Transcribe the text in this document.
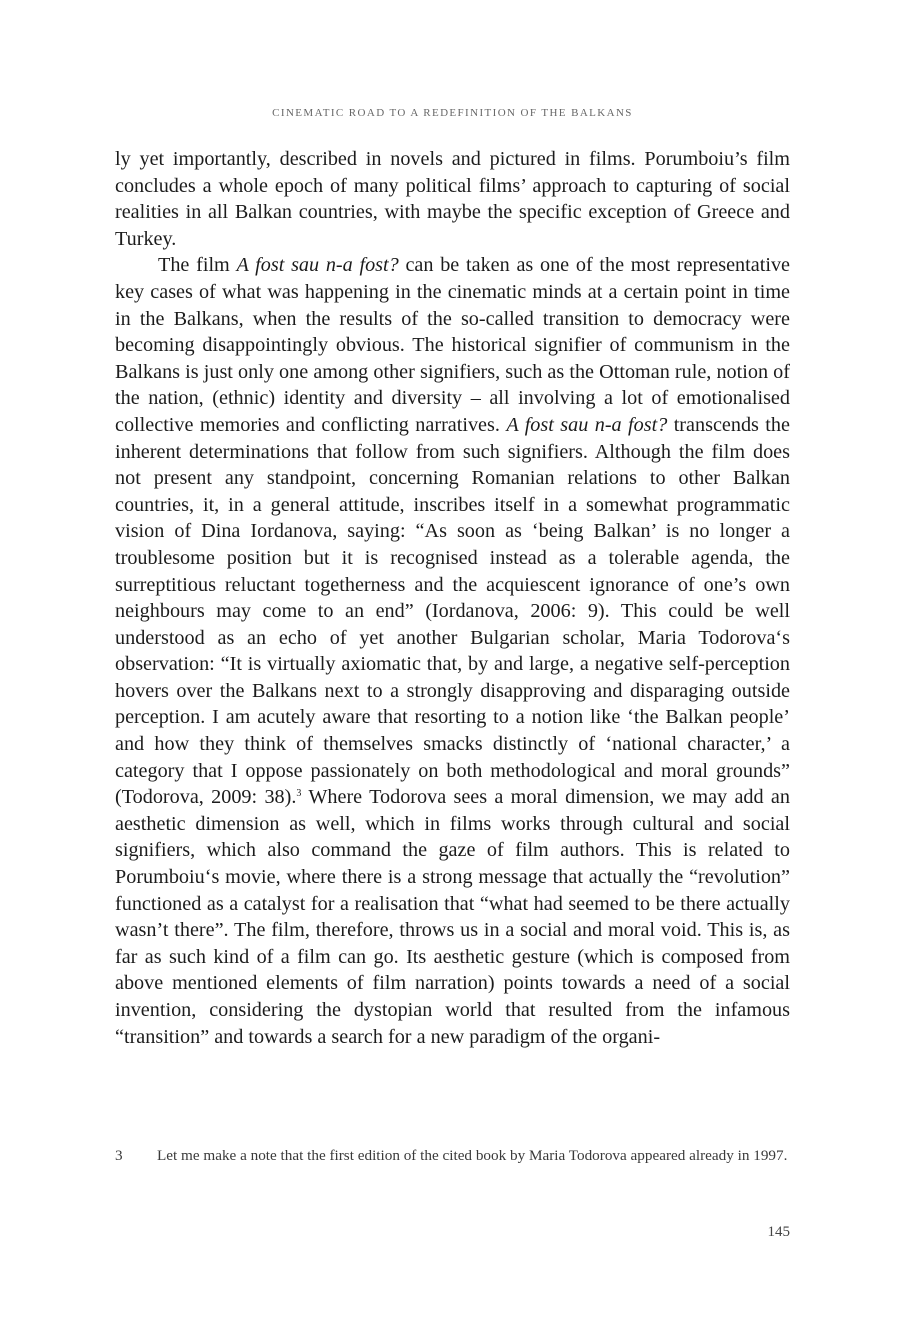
CINEMATIC ROAD TO A REDEFINITION OF THE BALKANS

ly yet importantly, described in novels and pictured in films. Porumboiu’s film concludes a whole epoch of many political films’ approach to capturing of social realities in all Balkan countries, with maybe the specific exception of Greece and Turkey.

The film A fost sau n-a fost? can be taken as one of the most representative key cases of what was happening in the cinematic minds at a certain point in time in the Balkans, when the results of the so-called transition to democracy were becoming disappointingly obvious. The historical signifier of communism in the Balkans is just only one among other signifiers, such as the Ottoman rule, notion of the nation, (ethnic) identity and diversity – all involving a lot of emotionalised collective memories and conflicting narratives. A fost sau n-a fost? transcends the inherent determinations that follow from such signifiers. Although the film does not present any standpoint, concerning Romanian relations to other Balkan countries, it, in a general attitude, inscribes itself in a somewhat programmatic vision of Dina Iordanova, saying: “As soon as ‘being Balkan’ is no longer a troublesome position but it is recognised instead as a tolerable agenda, the surreptitious reluctant togetherness and the acquiescent ignorance of one’s own neighbours may come to an end” (Iordanova, 2006: 9). This could be well understood as an echo of yet another Bulgarian scholar, Maria Todorova‘s observation: “It is virtually axiomatic that, by and large, a negative self-perception hovers over the Balkans next to a strongly disapproving and disparaging outside perception. I am acutely aware that resorting to a notion like ‘the Balkan people’ and how they think of themselves smacks distinctly of ‘national character,’ a category that I oppose passionately on both methodological and moral grounds” (Todorova, 2009: 38).$^3$ Where Todorova sees a moral dimension, we may add an aesthetic dimension as well, which in films works through cultural and social signifiers, which also command the gaze of film authors. This is related to Porumboiu‘s movie, where there is a strong message that actually the “revolution” functioned as a catalyst for a realisation that “what had seemed to be there actually wasn’t there”. The film, therefore, throws us in a social and moral void. This is, as far as such kind of a film can go. Its aesthetic gesture (which is composed from above mentioned elements of film narration) points towards a need of a social invention, considering the dystopian world that resulted from the infamous “transition” and towards a search for a new paradigm of the organi-

3 Let me make a note that the first edition of the cited book by Maria Todorova appeared already in 1997.
145
